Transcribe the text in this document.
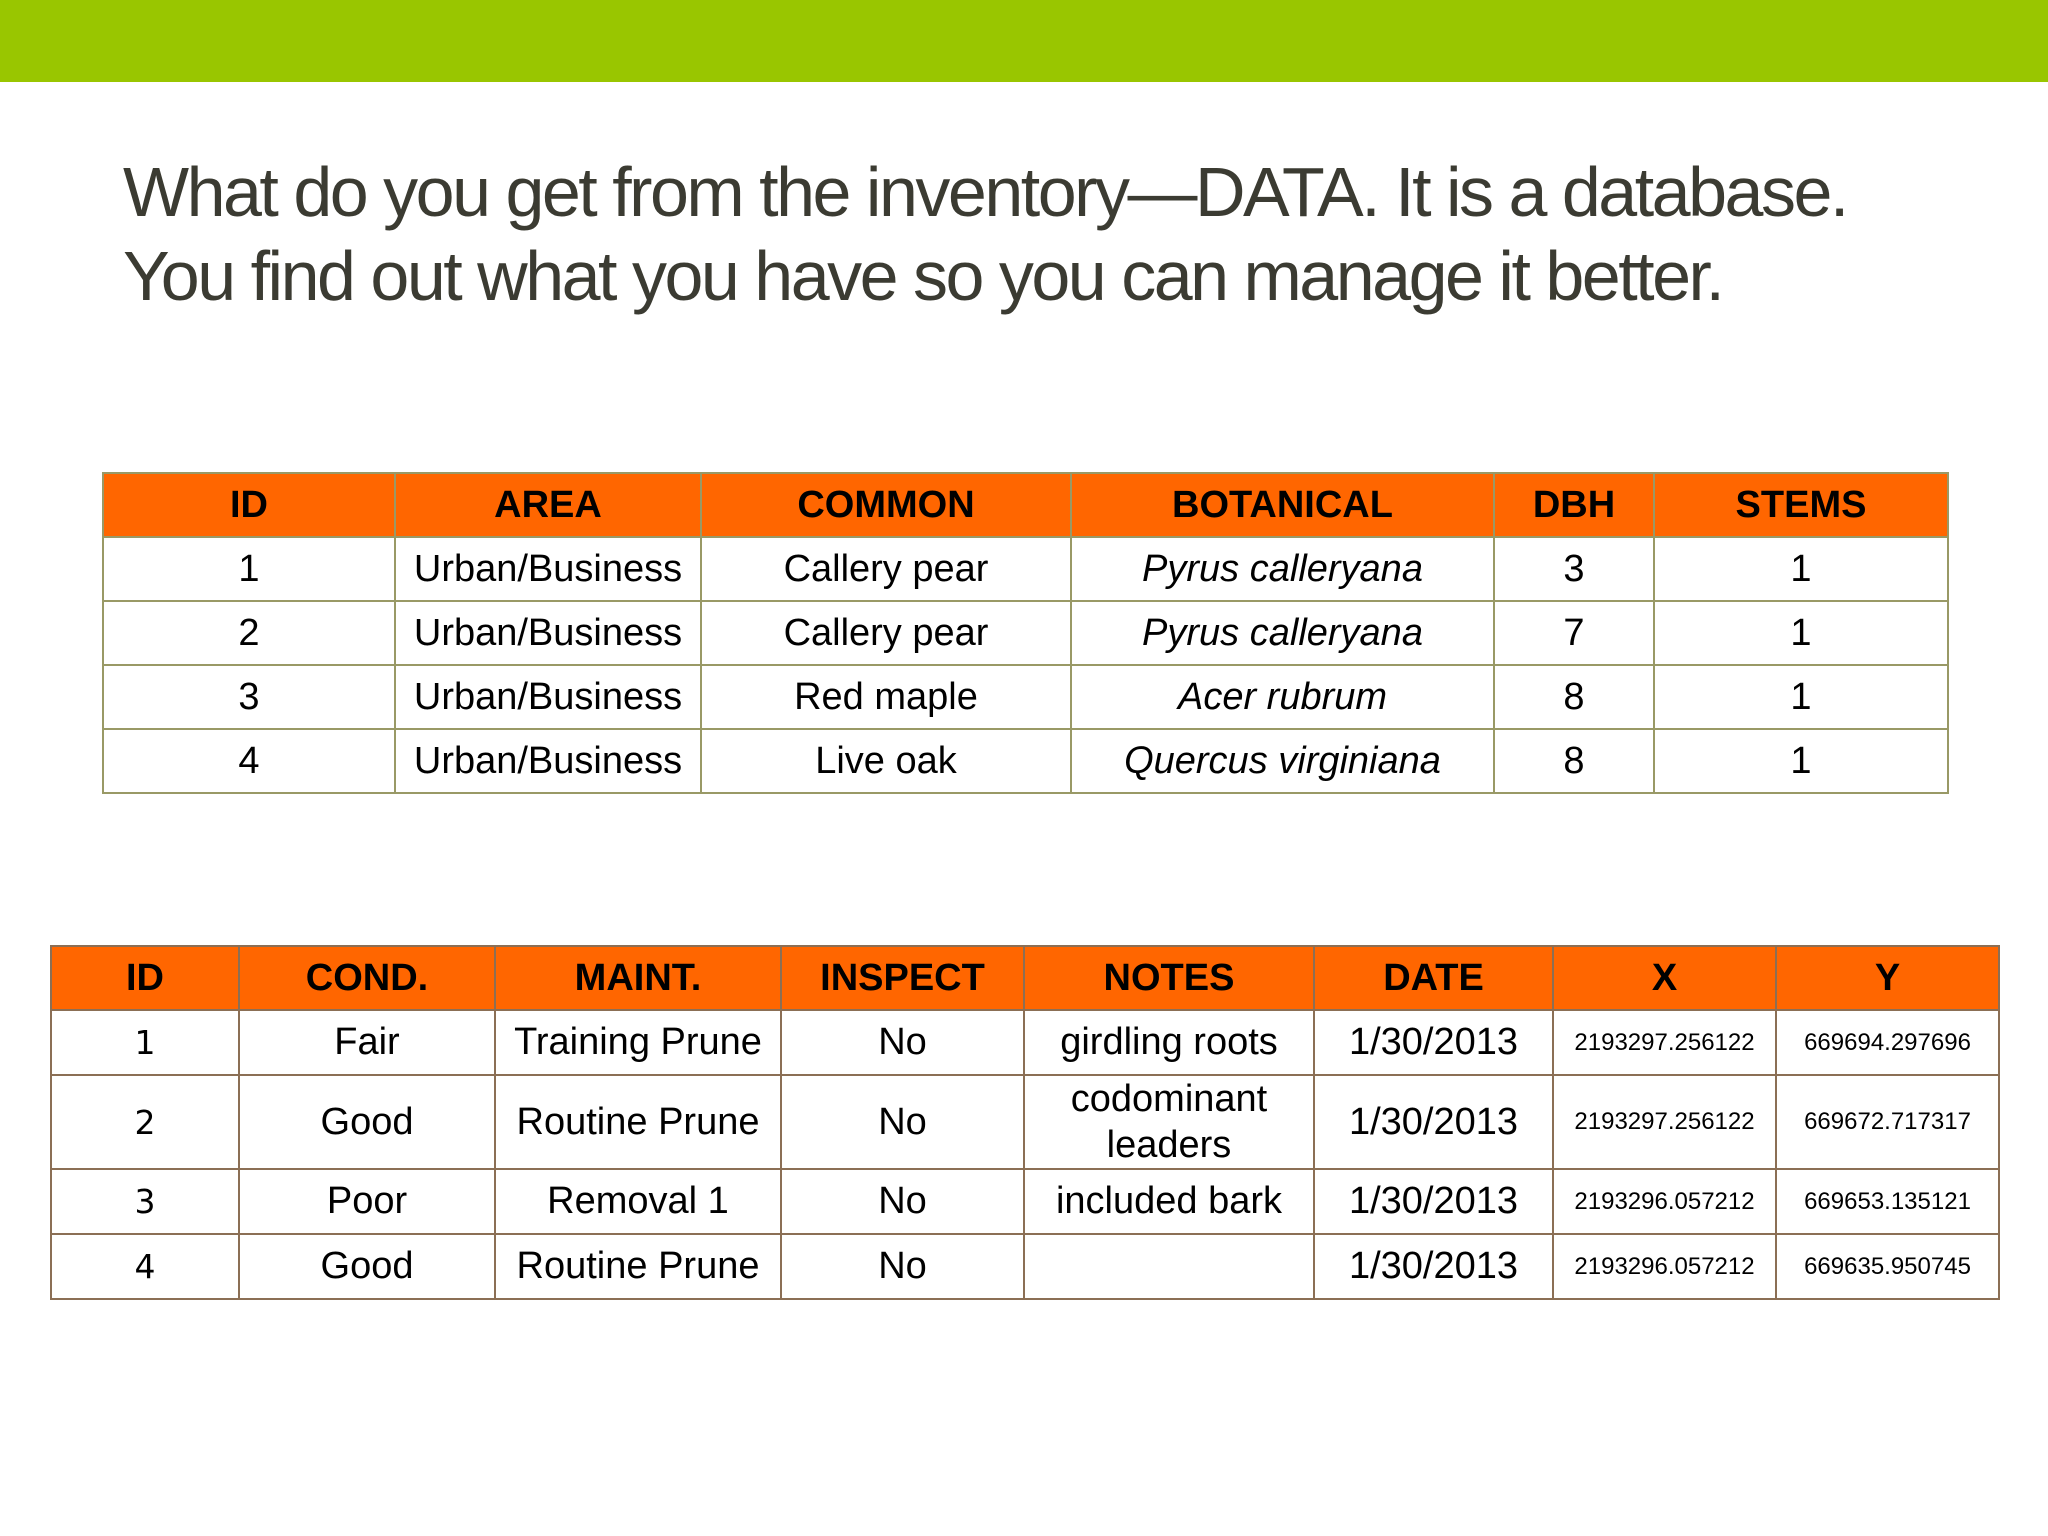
What do you get from the inventory—DATA. It is a database.
You find out what you have so you can manage it better.
ID	AREA	COMMON	BOTANICAL	DBH	STEMS
1	Urban/Business	Callery pear	Pyrus calleryana	3	1
2	Urban/Business	Callery pear	Pyrus calleryana	7	1
3	Urban/Business	Red maple	Acer rubrum	8	1
4	Urban/Business	Live oak	Quercus virginiana	8	1
ID	COND.	MAINT.	INSPECT	NOTES	DATE	X	Y
1	Fair	Training Prune	No	girdling roots	1/30/2013	2193297.256122	669694.297696
2	Good	Routine Prune	No	codominant leaders	1/30/2013	2193297.256122	669672.717317
3	Poor	Removal 1	No	included bark	1/30/2013	2193296.057212	669653.135121
4	Good	Routine Prune	No		1/30/2013	2193296.057212	669635.950745
